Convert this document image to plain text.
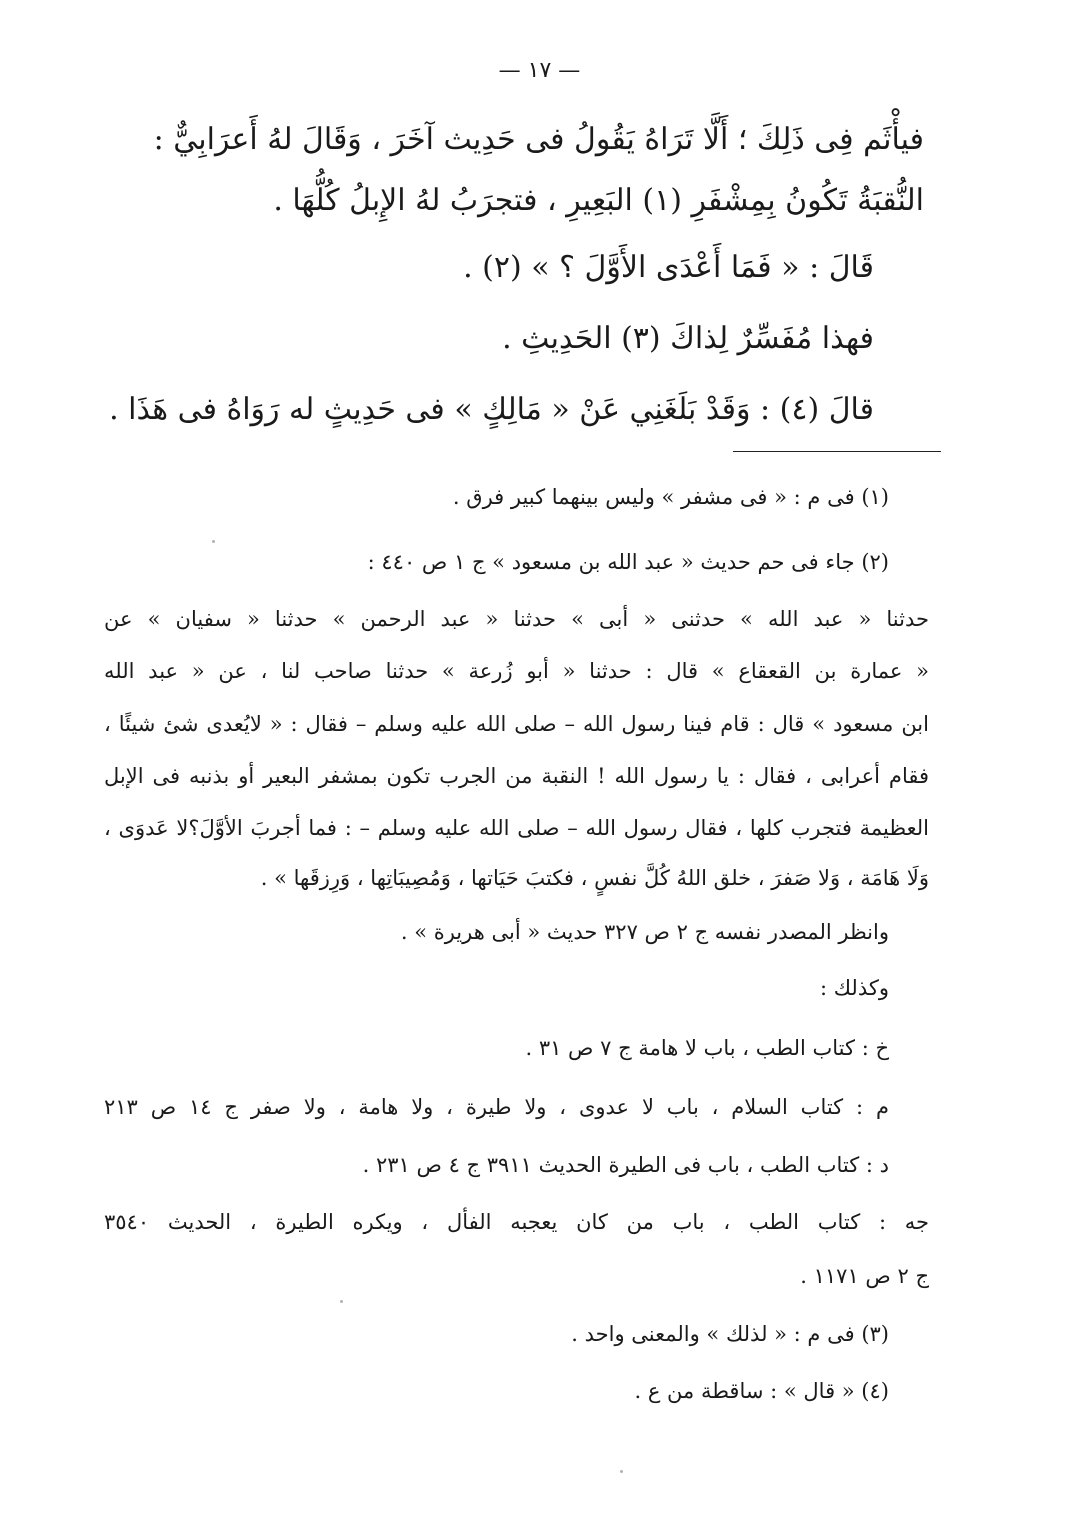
— ١٧ —
فيأْثَم فِى ذَلِكَ ؛ أَلَّا تَرَاهُ يَقُولُ فى حَدِيث آخَرَ ، وَقَالَ لهُ أَعرَابِيٌّ :
النُّقبَةُ تَكُونُ بِمِشْفَرِ (١) البَعِيرِ ، فتجرَبُ لهُ الإِبلُ كُلُّهَا .
قَالَ : « فَمَا أَعْدَى الأَوَّلَ ؟ » (٢) .
فهذا مُفَسِّرٌ لِذاكَ (٣) الحَدِيثِ .
قالَ (٤) : وَقَدْ بَلَغَنِي عَنْ « مَالِكٍ » فى حَدِيثٍ له رَوَاهُ فى هَذَا .
(١) فى م : « فى مشفر » وليس بينهما كبير فرق .
(٢) جاء فى حم حديث « عبد الله بن مسعود » ج ١ ص ٤٤٠ :
حدثنا « عبد الله » حدثنى « أبى » حدثنا « عبد الرحمن » حدثنا « سفيان » عن
« عمارة بن القعقاع » قال : حدثنا « أبو زُرعة » حدثنا صاحب لنا ، عن « عبد الله
ابن مسعود » قال : قام فينا رسول الله – صلى الله عليه وسلم – فقال : « لايُعدى شئ شيئًا ،
فقام أعرابى ، فقال : يا رسول الله ! النقبة من الجرب تكون بمشفر البعير أو بذنبه فى الإبل
العظيمة فتجرب كلها ، فقال رسول الله – صلى الله عليه وسلم – : فما أجربَ الأوَّلَ؟لا عَدوَى ،
وَلَا هَامَة ، وَلا صَفرَ ، خلق اللهُ كُلَّ نفسٍ ، فكتبَ حَيَاتها ، وَمُصِيبَاتِها ، وَرِزقَها » .
وانظر المصدر نفسه ج ٢ ص ٣٢٧ حديث « أبى هريرة » .
وكذلك :
خ : كتاب الطب ، باب لا هامة ج ٧ ص ٣١ .
م : كتاب السلام ، باب لا عدوى ، ولا طيرة ، ولا هامة ، ولا صفر ج ١٤ ص ٢١٣
د : كتاب الطب ، باب فى الطيرة الحديث ٣٩١١ ج ٤ ص ٢٣١ .
جه : كتاب الطب ، باب من كان يعجبه الفأل ، ويكره الطيرة ، الحديث ٣٥٤٠
ج ٢ ص ١١٧١ .
(٣) فى م : « لذلك » والمعنى واحد .
(٤) « قال » : ساقطة من ع .
